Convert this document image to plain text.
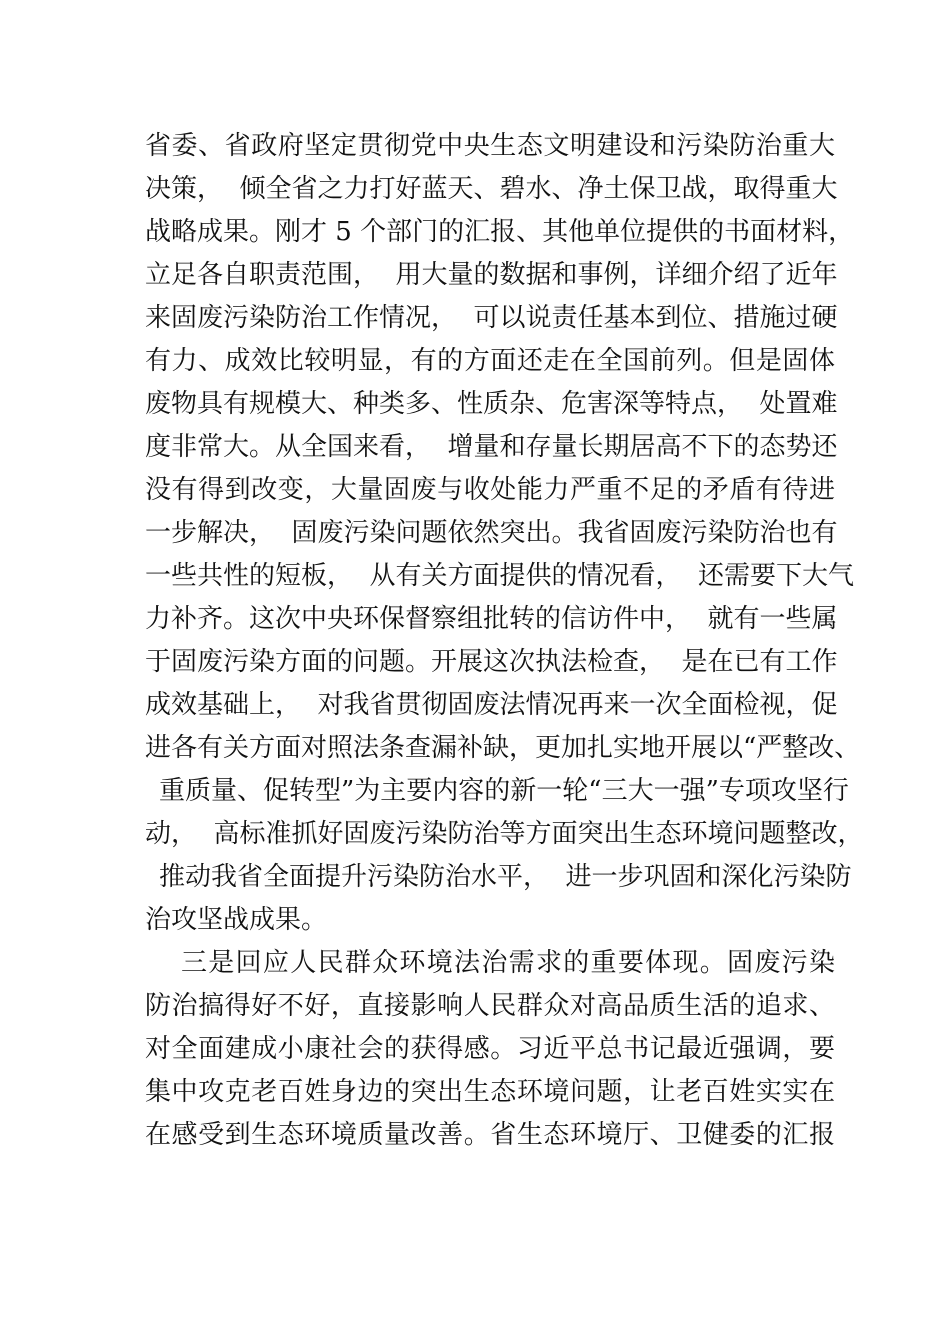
省委、省政府坚定贯彻党中央生态文明建设和污染防治重大
决策，  倾全省之力打好蓝天、碧水、净土保卫战，取得重大
战略成果。刚才 5 个部门的汇报、其他单位提供的书面材料，
立足各自职责范围，  用大量的数据和事例，详细介绍了近年
来固废污染防治工作情况，  可以说责任基本到位、措施过硬
有力、成效比较明显，有的方面还走在全国前列。但是固体
废物具有规模大、种类多、性质杂、危害深等特点，  处置难
度非常大。从全国来看，  增量和存量长期居高不下的态势还
没有得到改变，大量固废与收处能力严重不足的矛盾有待进
一步解决，  固废污染问题依然突出。我省固废污染防治也有
一些共性的短板，  从有关方面提供的情况看，  还需要下大气
力补齐。这次中央环保督察组批转的信访件中，  就有一些属
于固废污染方面的问题。开展这次执法检查，  是在已有工作
成效基础上，  对我省贯彻固废法情况再来一次全面检视，促
进各有关方面对照法条查漏补缺，更加扎实地开展以“严整改、
重质量、促转型”为主要内容的新一轮“三大一强”专项攻坚行
动，  高标准抓好固废污染防治等方面突出生态环境问题整改，
推动我省全面提升污染防治水平，  进一步巩固和深化污染防
治攻坚战成果。
三是回应人民群众环境法治需求的重要体现。固废污染
防治搞得好不好，直接影响人民群众对高品质生活的追求、
对全面建成小康社会的获得感。习近平总书记最近强调，要
集中攻克老百姓身边的突出生态环境问题，让老百姓实实在
在感受到生态环境质量改善。省生态环境厅、卫健委的汇报
